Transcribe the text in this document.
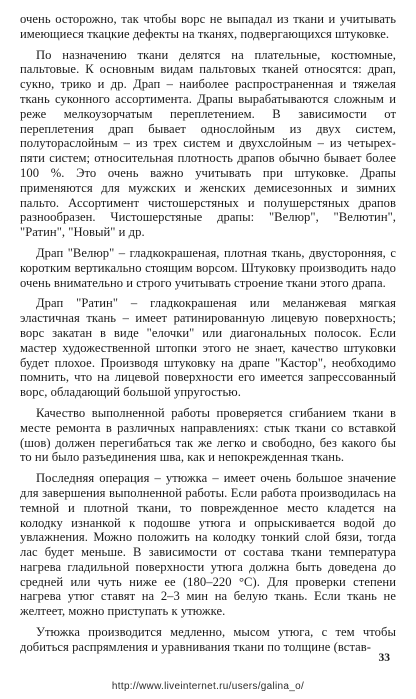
очень осторожно, так чтобы ворс не выпадал из ткани и учитывать имеющиеся ткацкие дефекты на тканях, подвергающихся штуковке.

По назначению ткани делятся на плательные, костюмные, пальтовые. К основным видам пальтовых тканей относятся: драп, сукно, трико и др. Драп – наиболее распространенная и тяжелая ткань суконного ассортимента. Драпы вырабатываются сложным и реже мелкоузорчатым переплетением. В зависимости от переплетения драп бывает однослойным из двух систем, полуторaслойным – из трех систем и двухслойным – из четырех-пяти систем; относительная плотность драпов обычно бывает более 100 %. Это очень важно учитывать при штуковке. Драпы применяются для мужских и женских демисезонных и зимних пальто. Ассортимент чистошерстяных и полушерстяных драпов разнообразен. Чистошерстяные драпы: "Велюр", "Велютин", "Ратин", "Новый" и др.

Драп "Велюр" – гладкокрашеная, плотная ткань, двусторонняя, с коротким вертикально стоящим ворсом. Штуковку производить надо очень внимательно и строго учитывать строение ткани этого драпа.

Драп "Ратин" – гладкокрашеная или меланжевая мягкая эластичная ткань – имеет ратинированную лицевую поверхность; ворс закатан в виде "елочки" или диагональных полосок. Если мастер художественной штопки этого не знает, качество штуковки будет плохое. Производя штуковку на драпе "Кастор", необходимо помнить, что на лицевой поверхности его имеется запрессованный ворс, обладающий большой упругостью.

Качество выполненной работы проверяется сгибанием ткани в месте ремонта в различных направлениях: стык ткани со вставкой (шов) должен перегибаться так же легко и свободно, без какого бы то ни было разъединения шва, как и непокрежденная ткань.

Последняя операция – утюжка – имеет очень большое значение для завершения выполненной работы. Если работа производилась на темной и плотной ткани, то поврежденное место кладется на колодку изнанкой к подошве утюга и опрыскивается водой до увлажнения. Можно положить на колодку тонкий слой бязи, тогда лас будет меньше. В зависимости от состава ткани температура нагрева гладильной поверхности утюга должна быть доведена до средней или чуть ниже ее (180–220 °C). Для проверки степени нагрева утюг ставят на 2–3 мин на белую ткань. Если ткань не желтеет, можно приступать к утюжке.

Утюжка производится медленно, мысом утюга, с тем чтобы добиться распрямления и уравнивания ткани по толщине (встав-

33
http://www.liveinternet.ru/users/galina_o/
